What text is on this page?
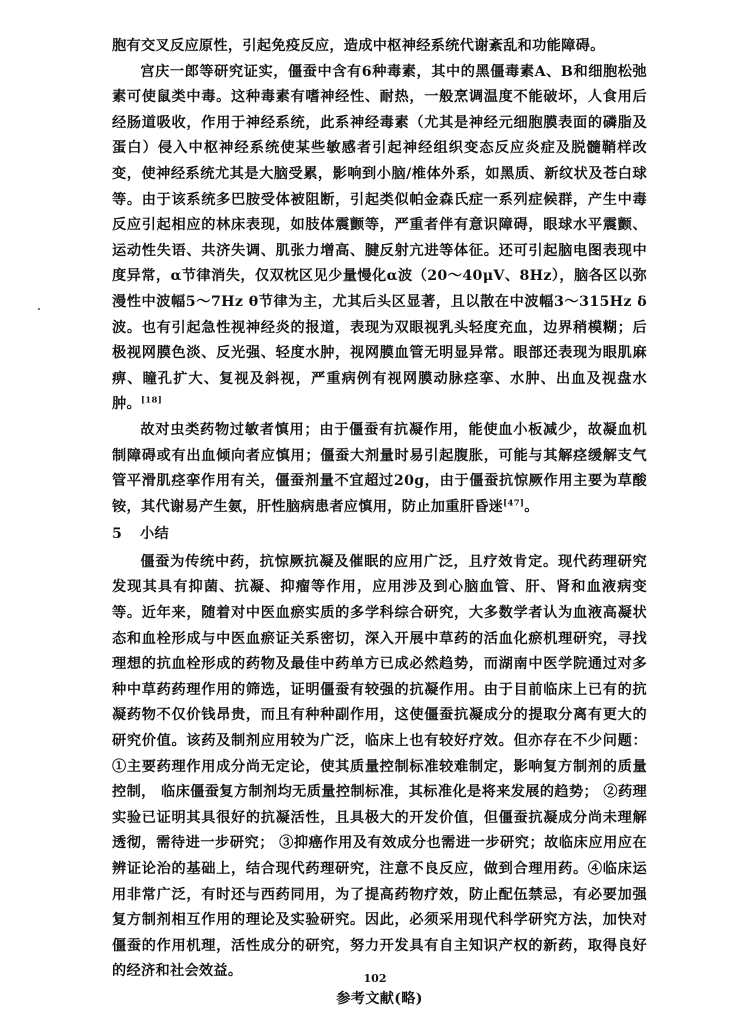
胞有交叉反应原性，引起免疫反应，造成中枢神经系统代谢紊乱和功能障碍。

宫庆一郎等研究证实，僵蚕中含有6种毒素，其中的黑僵毒素A、B和细胞松弛素可使鼠类中毒。这种毒素有嗜神经性、耐热，一般烹调温度不能破坏，人食用后经肠道吸收，作用于神经系统，此系神经毒素（尤其是神经元细胞膜表面的磷脂及蛋白）侵入中枢神经系统使某些敏感者引起神经组织变态反应炎症及脱髓鞘样改变，使神经系统尤其是大脑受累，影响到小脑/椎体外系，如黑质、新纹状及苍白球等。由于该系统多巴胺受体被阻断，引起类似帕金森氏症一系列症候群，产生中毒反应引起相应的林床表现，如肢体震颤等，严重者伴有意识障碍，眼球水平震颤、运动性失语、共济失调、肌张力增高、腱反射亢进等体征。还可引起脑电图表现中度异常，α节律消失，仅双枕区见少量慢化α波（20～40μV、8Hz），脑各区以弥漫性中波幅5～7Hz θ节律为主，尤其后头区显著，且以散在中波幅3～315Hz δ波。也有引起急性视神经炎的报道，表现为双眼视乳头轻度充血，边界稍模糊；后极视网膜色淡、反光强、轻度水肿，视网膜血管无明显异常。眼部还表现为眼肌麻痹、瞳孔扩大、复视及斜视，严重病例有视网膜动脉痉挛、水肿、出血及视盘水肿。[18]

故对虫类药物过敏者慎用；由于僵蚕有抗凝作用，能使血小板减少，故凝血机制障碍或有出血倾向者应慎用；僵蚕大剂量时易引起腹胀，可能与其解痉缓解支气管平滑肌痉挛作用有关，僵蚕剂量不宜超过20g，由于僵蚕抗惊厥作用主要为草酸铵，其代谢易产生氨，肝性脑病患者应慎用，防止加重肝昏迷[47]。

5 小结

僵蚕为传统中药，抗惊厥抗凝及催眠的应用广泛，且疗效肯定。现代药理研究发现其具有抑菌、抗凝、抑瘤等作用，应用涉及到心脑血管、肝、肾和血液病变等。近年来，随着对中医血瘀实质的多学科综合研究，大多数学者认为血液高凝状态和血栓形成与中医血瘀证关系密切，深入开展中草药的活血化瘀机理研究，寻找理想的抗血栓形成的药物及最佳中药单方已成必然趋势，而湖南中医学院通过对多种中草药药理作用的筛选，证明僵蚕有较强的抗凝作用。由于目前临床上已有的抗凝药物不仅价钱昂贵，而且有种种副作用，这使僵蚕抗凝成分的提取分离有更大的研究价值。该药及制剂应用较为广泛，临床上也有较好疗效。但亦存在不少问题：①主要药理作用成分尚无定论，使其质量控制标准较难制定，影响复方制剂的质量控制， 临床僵蚕复方制剂均无质量控制标准，其标准化是将来发展的趋势； ②药理实验已证明其具很好的抗凝活性，且具极大的开发价值，但僵蚕抗凝成分尚未理解透彻，需待进一步研究； ③抑癌作用及有效成分也需进一步研究；故临床应用应在辨证论治的基础上，结合现代药理研究，注意不良反应，做到合理用药。④临床运用非常广泛，有时还与西药同用，为了提高药物疗效，防止配伍禁忌，有必要加强复方制剂相互作用的理论及实验研究。因此，必须采用现代科学研究方法，加快对僵蚕的作用机理，活性成分的研究，努力开发具有自主知识产权的新药，取得良好的经济和社会效益。

参考文献(略)

102
